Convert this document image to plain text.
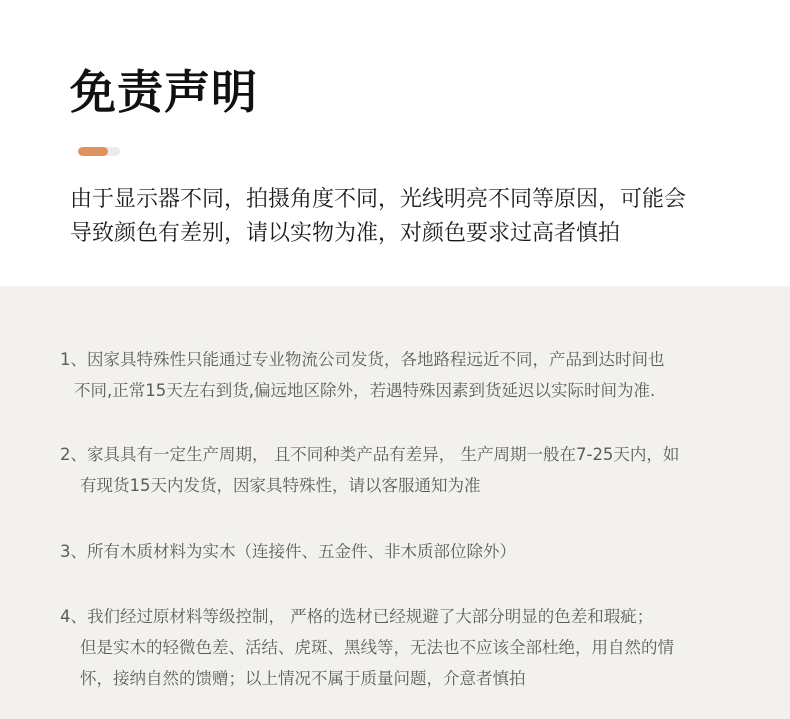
免责声明
由于显示器不同，拍摄角度不同，光线明亮不同等原因，可能会
导致颜色有差别，请以实物为准，对颜色要求过高者慎拍
1、因家具特殊性只能通过专业物流公司发货，各地路程远近不同，产品到达时间也
不同,正常15天左右到货,偏远地区除外，若遇特殊因素到货延迟以实际时间为准.
2、家具具有一定生产周期， 且不同种类产品有差异， 生产周期一般在7-25天内，如
有现货15天内发货，因家具特殊性，请以客服通知为准
3、所有木质材料为实木（连接件、五金件、非木质部位除外）
4、我们经过原材料等级控制， 严格的选材已经规避了大部分明显的色差和瑕疵；
但是实木的轻微色差、活结、虎斑、黑线等，无法也不应该全部杜绝，用自然的情
怀，接纳自然的馈赠；以上情况不属于质量问题，介意者慎拍
